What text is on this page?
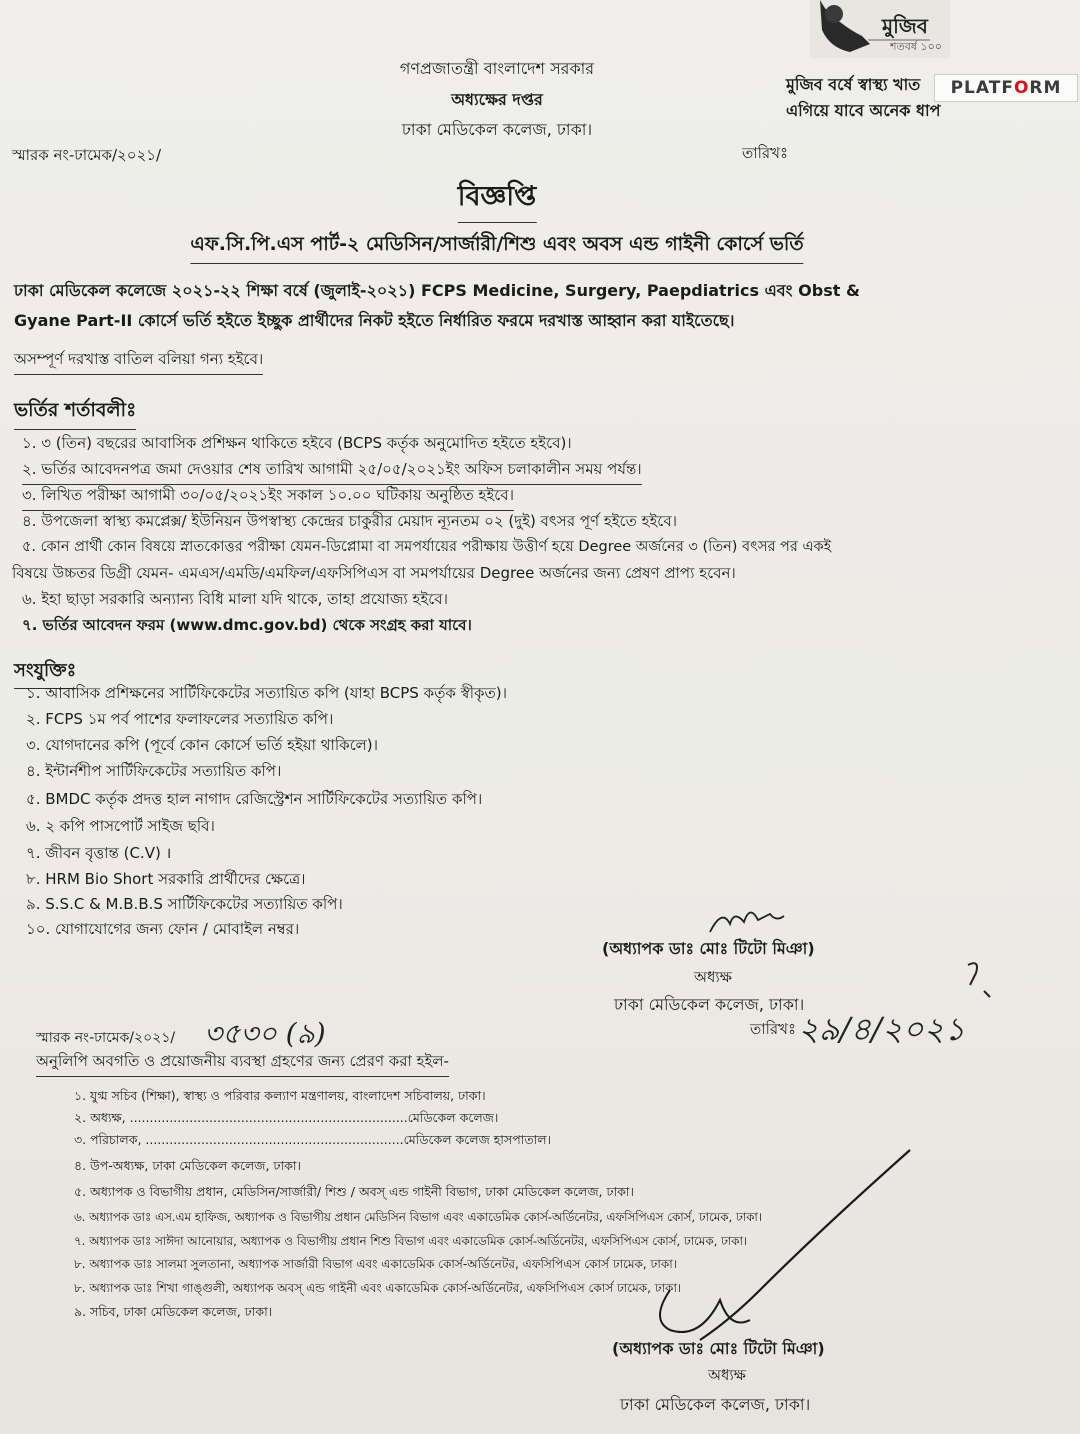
মুজিব
শতবর্ষ ১০০
PLATFORM
গণপ্রজাতন্ত্রী বাংলাদেশ সরকার
অধ্যক্ষের দপ্তর
ঢাকা মেডিকেল কলেজ, ঢাকা।
স্মারক নং-ঢামেক/২০২১/	তারিখঃ
মুজিব বর্ষে স্বাস্থ্য খাত
এগিয়ে যাবে অনেক ধাপ
বিজ্ঞপ্তি
এফ.সি.পি.এস পার্ট-২ মেডিসিন/সার্জারী/শিশু এবং অবস এন্ড গাইনী কোর্সে ভর্তি
ঢাকা মেডিকেল কলেজে ২০২১-২২ শিক্ষা বর্ষে (জুলাই-২০২১) FCPS Medicine, Surgery, Paepdiatrics এবং Obst &
Gyane Part-II কোর্সে ভর্তি হইতে ইচ্ছুক প্রার্থীদের নিকট হইতে নির্ধারিত ফরমে দরখাস্ত আহ্বান করা যাইতেছে।
অসম্পূর্ণ দরখাস্ত বাতিল বলিয়া গন্য হইবে।
ভর্তির শর্তাবলীঃ
১. ৩ (তিন) বছরের আবাসিক প্রশিক্ষন থাকিতে হইবে (BCPS কর্তৃক অনুমোদিত হইতে হইবে)।
২. ভর্তির আবেদনপত্র জমা দেওয়ার শেষ তারিখ আগামী ২৫/০৫/২০২১ইং অফিস চলাকালীন সময় পর্যন্ত।
৩. লিখিত পরীক্ষা আগামী ৩০/০৫/২০২১ইং সকাল ১০.০০ ঘটিকায় অনুষ্ঠিত হইবে।
৪. উপজেলা স্বাস্থ্য কমপ্লেক্স/ ইউনিয়ন উপস্বাস্থ্য কেন্দ্রের চাকুরীর মেয়াদ ন্যূনতম ০২ (দুই) বৎসর পূর্ণ হইতে হইবে।
৫. কোন প্রার্থী কোন বিষয়ে স্নাতকোত্তর পরীক্ষা যেমন-ডিপ্লোমা বা সমপর্যায়ের পরীক্ষায় উত্তীর্ণ হয়ে Degree অর্জনের ৩ (তিন) বৎসর পর একই
বিষয়ে উচ্চতর ডিগ্রী যেমন- এমএস/এমডি/এমফিল/এফসিপিএস বা সমপর্যায়ের Degree অর্জনের জন্য প্রেষণ প্রাপ্য হবেন।
৬. ইহা ছাড়া সরকারি অন্যান্য বিধি মালা যদি থাকে, তাহা প্রযোজ্য হইবে।
৭. ভর্তির আবেদন ফরম (www.dmc.gov.bd) থেকে সংগ্রহ করা যাবে।
সংযুক্তিঃ
১. আবাসিক প্রশিক্ষনের সার্টিফিকেটের সত্যায়িত কপি (যাহা BCPS কর্তৃক স্বীকৃত)।
২. FCPS ১ম পর্ব পাশের ফলাফলের সত্যায়িত কপি।
৩. যোগদানের কপি (পূর্বে কোন কোর্সে ভর্তি হইয়া থাকিলে)।
৪. ইন্টার্নশীপ সার্টিফিকেটের সত্যায়িত কপি।
৫. BMDC কর্তৃক প্রদত্ত হাল নাগাদ রেজিস্ট্রেশন সার্টিফিকেটের সত্যায়িত কপি।
৬. ২ কপি পাসপোর্ট সাইজ ছবি।
৭. জীবন বৃত্তান্ত (C.V) ।
৮. HRM Bio Short সরকারি প্রার্থীদের ক্ষেত্রে।
৯. S.S.C & M.B.B.S সার্টিফিকেটের সত্যায়িত কপি।
১০. যোগাযোগের জন্য ফোন / মোবাইল নম্বর।
(অধ্যাপক ডাঃ মোঃ টিটো মিঞা)
অধ্যক্ষ
ঢাকা মেডিকেল কলেজ, ঢাকা।
তারিখঃ ২৯/৪/২০২১
স্মারক নং-ঢামেক/২০২১/ ৩৫৩০ (৯)
অনুলিপি অবগতি ও প্রয়োজনীয় ব্যবস্থা গ্রহণের জন্য প্রেরণ করা হইল-
১. যুগ্ম সচিব (শিক্ষা), স্বাস্থ্য ও পরিবার কল্যাণ মন্ত্রণালয়, বাংলাদেশ সচিবালয়, ঢাকা।
২. অধ্যক্ষ, ......................................................................মেডিকেল কলেজ।
৩. পরিচালক, .................................................................মেডিকেল কলেজ হাসপাতাল।
৪. উপ-অধ্যক্ষ, ঢাকা মেডিকেল কলেজ, ঢাকা।
৫. অধ্যাপক ও বিভাগীয় প্রধান, মেডিসিন/সার্জারী/ শিশু / অবস্ এন্ড গাইনী বিভাগ, ঢাকা মেডিকেল কলেজ, ঢাকা।
৬. অধ্যাপক ডাঃ এস.এম হাফিজ, অধ্যাপক ও বিভাগীয় প্রধান মেডিসিন বিভাগ এবং একাডেমিক কোর্স-অর্ডিনেটর, এফসিপিএস কোর্স, ঢামেক, ঢাকা।
৭. অধ্যাপক ডাঃ সাঈদা আনোয়ার, অধ্যাপক ও বিভাগীয় প্রধান শিশু বিভাগ এবং একাডেমিক কোর্স-অর্ডিনেটর, এফসিপিএস কোর্স, ঢামেক, ঢাকা।
৮. অধ্যাপক ডাঃ সালমা সুলতানা, অধ্যাপক সার্জারী বিভাগ এবং একাডেমিক কোর্স-অর্ডিনেটর, এফসিপিএস কোর্স ঢামেক, ঢাকা।
৮. অধ্যাপক ডাঃ শিখা গাঙ্গুলী, অধ্যাপক অবস্ এন্ড গাইনী এবং একাডেমিক কোর্স-অর্ডিনেটর, এফসিপিএস কোর্স ঢামেক, ঢাকা।
৯. সচিব, ঢাকা মেডিকেল কলেজ, ঢাকা।
(অধ্যাপক ডাঃ মোঃ টিটো মিঞা)
অধ্যক্ষ
ঢাকা মেডিকেল কলেজ, ঢাকা।
